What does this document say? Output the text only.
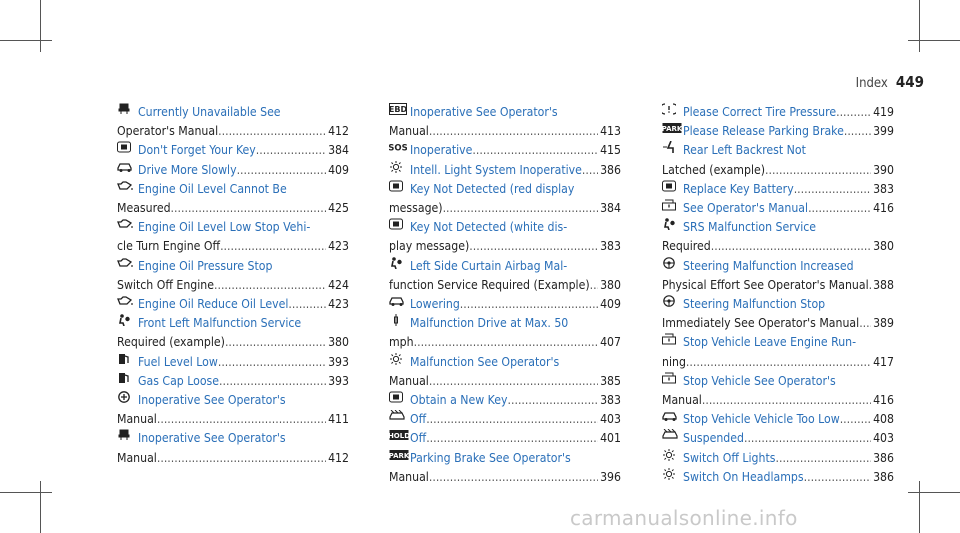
Index 449
Currently Unavailable See
Operator's Manual .....	412
Don't Forget Your Key .....	384
Drive More Slowly .....	409
Engine Oil Level Cannot Be
Measured .....	425
Engine Oil Level Low Stop Vehi-
cle Turn Engine Off .....	423
Engine Oil Pressure Stop
Switch Off Engine .....	424
Engine Oil Reduce Oil Level .....	423
Front Left Malfunction Service
Required (example) .....	380
Fuel Level Low .....	393
Gas Cap Loose .....	393
Inoperative See Operator's
Manual .....	411
Inoperative See Operator's
Manual .....	412
EBD Inoperative See Operator's
Manual .....	413
SOS Inoperative .....	415
Intell. Light System Inoperative ..... 386
Key Not Detected (red display
message) .....	384
Key Not Detected (white dis-
play message) .....	383
Left Side Curtain Airbag Mal-
function Service Required (Example) ..... 380
Lowering .....	409
Malfunction Drive at Max. 50
mph .....	407
Malfunction See Operator's
Manual .....	385
Obtain a New Key .....	383
Off .....	403
HOLD Off .....	401
PARK Parking Brake See Operator's
Manual .....	396
Please Correct Tire Pressure .....	419
PARK Please Release Parking Brake ..... 399
Rear Left Backrest Not
Latched (example) .....	390
Replace Key Battery .....	383
See Operator's Manual .....	416
SRS Malfunction Service
Required .....	380
Steering Malfunction Increased
Physical Effort See Operator's Manual ..... 388
Steering Malfunction Stop
Immediately See Operator's Manual ..... 389
Stop Vehicle Leave Engine Run-
ning .....	417
Stop Vehicle See Operator's
Manual .....	416
Stop Vehicle Vehicle Too Low .....	408
Suspended .....	403
Switch Off Lights .....	386
Switch On Headlamps .....	386
carmanualsonline.info
